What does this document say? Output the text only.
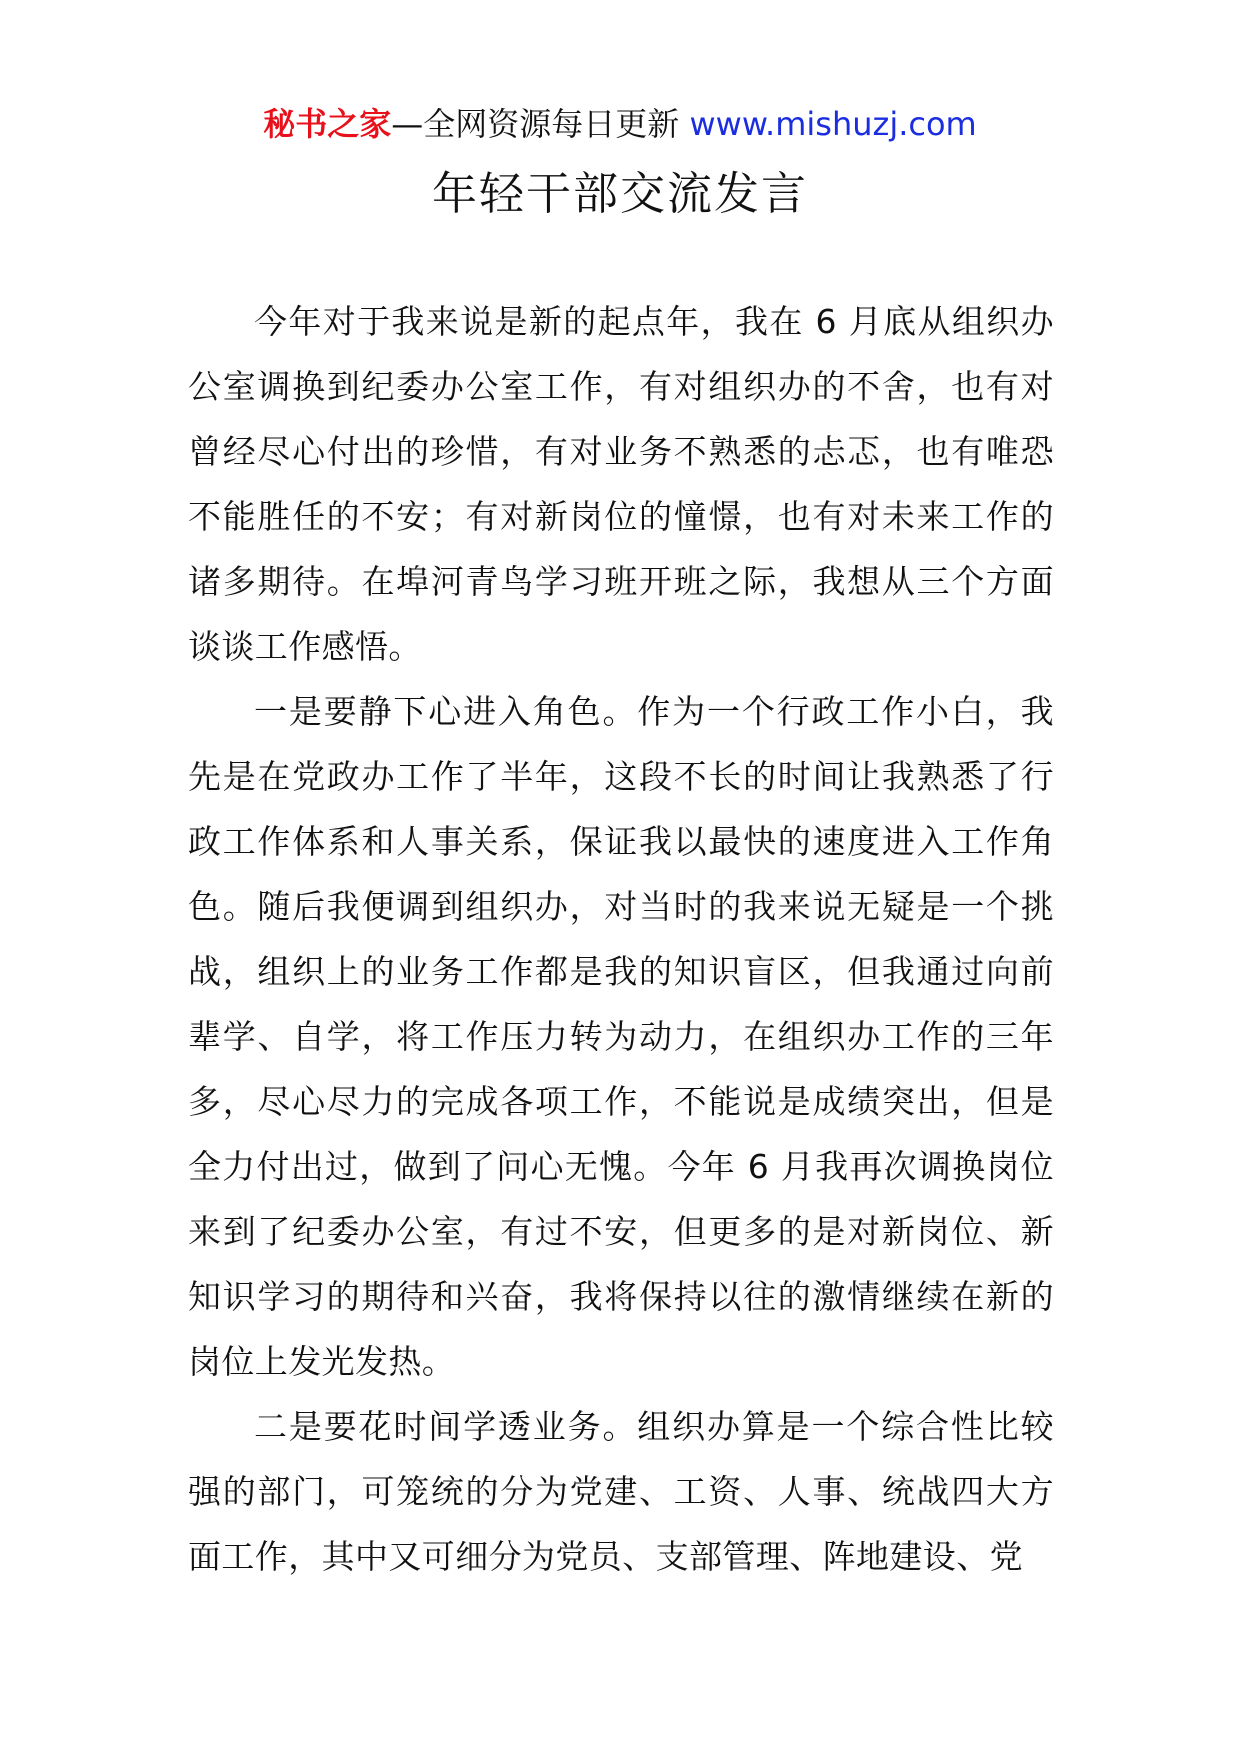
秘书之家—全网资源每日更新 www.mishuzj.com
年轻干部交流发言

今年对于我来说是新的起点年，我在 6 月底从组织办公室调换到纪委办公室工作，有对组织办的不舍，也有对曾经尽心付出的珍惜，有对业务不熟悉的忐忑，也有唯恐不能胜任的不安；有对新岗位的憧憬，也有对未来工作的诸多期待。在埠河青鸟学习班开班之际，我想从三个方面谈谈工作感悟。

一是要静下心进入角色。作为一个行政工作小白，我先是在党政办工作了半年，这段不长的时间让我熟悉了行政工作体系和人事关系，保证我以最快的速度进入工作角色。随后我便调到组织办，对当时的我来说无疑是一个挑战，组织上的业务工作都是我的知识盲区，但我通过向前辈学、自学，将工作压力转为动力，在组织办工作的三年多，尽心尽力的完成各项工作，不能说是成绩突出，但是全力付出过，做到了问心无愧。今年 6 月我再次调换岗位来到了纪委办公室，有过不安，但更多的是对新岗位、新知识学习的期待和兴奋，我将保持以往的激情继续在新的岗位上发光发热。

二是要花时间学透业务。组织办算是一个综合性比较强的部门，可笼统的分为党建、工资、人事、统战四大方面工作，其中又可细分为党员、支部管理、阵地建设、党
